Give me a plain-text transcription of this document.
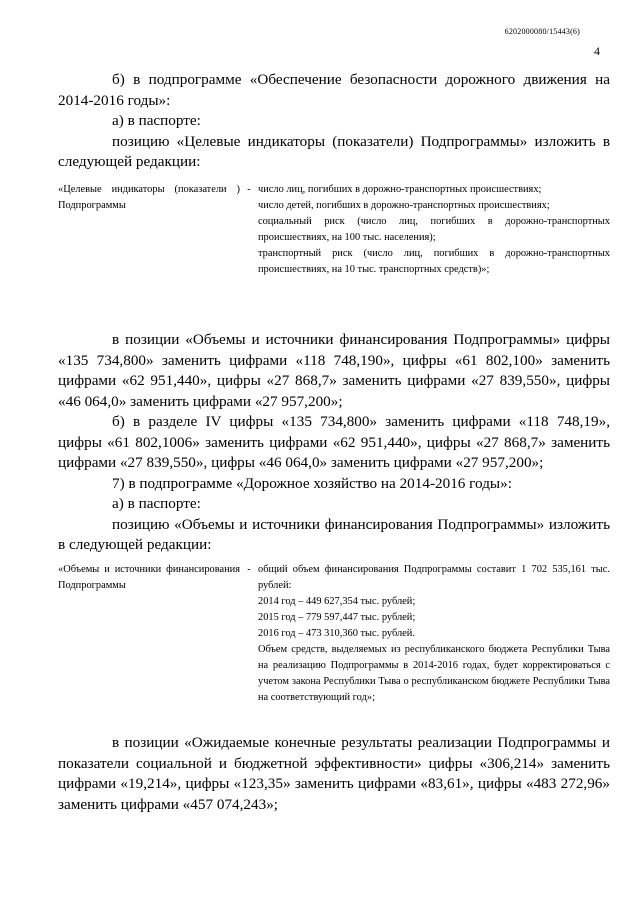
6202000080/15443(6)
4

б) в подпрограмме «Обеспечение безопасности дорожного движения на 2014-2016 годы»:

а) в паспорте:

позицию «Целевые индикаторы (показатели) Подпрограммы» изложить в следующей редакции:

«Целевые индикаторы (показатели ) Подпрограммы
- число лиц, погибших в дорожно-транспортных происшествиях;
число детей, погибших в дорожно-транспортных происшествиях;
социальный риск (число лиц, погибших в дорожно-транспортных происшествиях, на 100 тыс. населения);
транспортный риск (число лиц, погибших в дорожно-транспортных происшествиях, на 10 тыс. транспортных средств)»;

в позиции «Объемы и источники финансирования Подпрограммы» цифры «135 734,800» заменить цифрами «118 748,190», цифры «61 802,100» заменить цифрами «62 951,440», цифры «27 868,7» заменить цифрами «27 839,550», цифры «46 064,0» заменить цифрами «27 957,200»;

б) в разделе IV цифры «135 734,800» заменить цифрами «118 748,19», цифры «61 802,1006» заменить цифрами «62 951,440», цифры «27 868,7» заменить цифрами «27 839,550», цифры «46 064,0» заменить цифрами «27 957,200»;

7) в подпрограмме «Дорожное хозяйство на 2014-2016 годы»:

а) в паспорте:

позицию «Объемы и источники финансирования Подпрограммы» изложить в следующей редакции:

«Объемы и источники финансирования Подпрограммы
- общий объем финансирования Подпрограммы составит 1 702 535,161 тыс. рублей:
2014 год – 449 627,354 тыс. рублей;
2015 год – 779 597,447 тыс. рублей;
2016 год – 473 310,360 тыс. рублей.
Объем средств, выделяемых из республиканского бюджета Республики Тыва на реализацию Подпрограммы в 2014-2016 годах, будет корректироваться с учетом закона Республики Тыва о республиканском бюджете Республики Тыва на соответствующий год»;

в позиции «Ожидаемые конечные результаты реализации Подпрограммы и показатели социальной и бюджетной эффективности» цифры «306,214» заменить цифрами «19,214», цифры «123,35» заменить цифрами «83,61», цифры «483 272,96» заменить цифрами «457 074,243»;
